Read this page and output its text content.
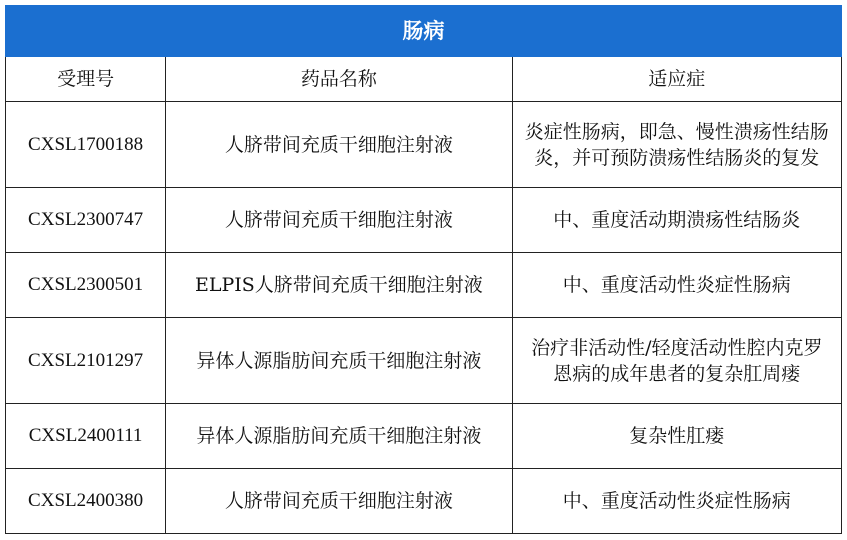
肠病		
受理号	药品名称	适应症
CXSL1700188	人脐带间充质干细胞注射液	炎症性肠病，即急、慢性溃疡性结肠炎，并可预防溃疡性结肠炎的复发
CXSL2300747	人脐带间充质干细胞注射液	中、重度活动期溃疡性结肠炎
CXSL2300501	ELPIS人脐带间充质干细胞注射液	中、重度活动性炎症性肠病
CXSL2101297	异体人源脂肪间充质干细胞注射液	治疗非活动性/轻度活动性腔内克罗恩病的成年患者的复杂肛周瘘
CXSL2400111	异体人源脂肪间充质干细胞注射液	复杂性肛瘘
CXSL2400380	人脐带间充质干细胞注射液	中、重度活动性炎症性肠病
